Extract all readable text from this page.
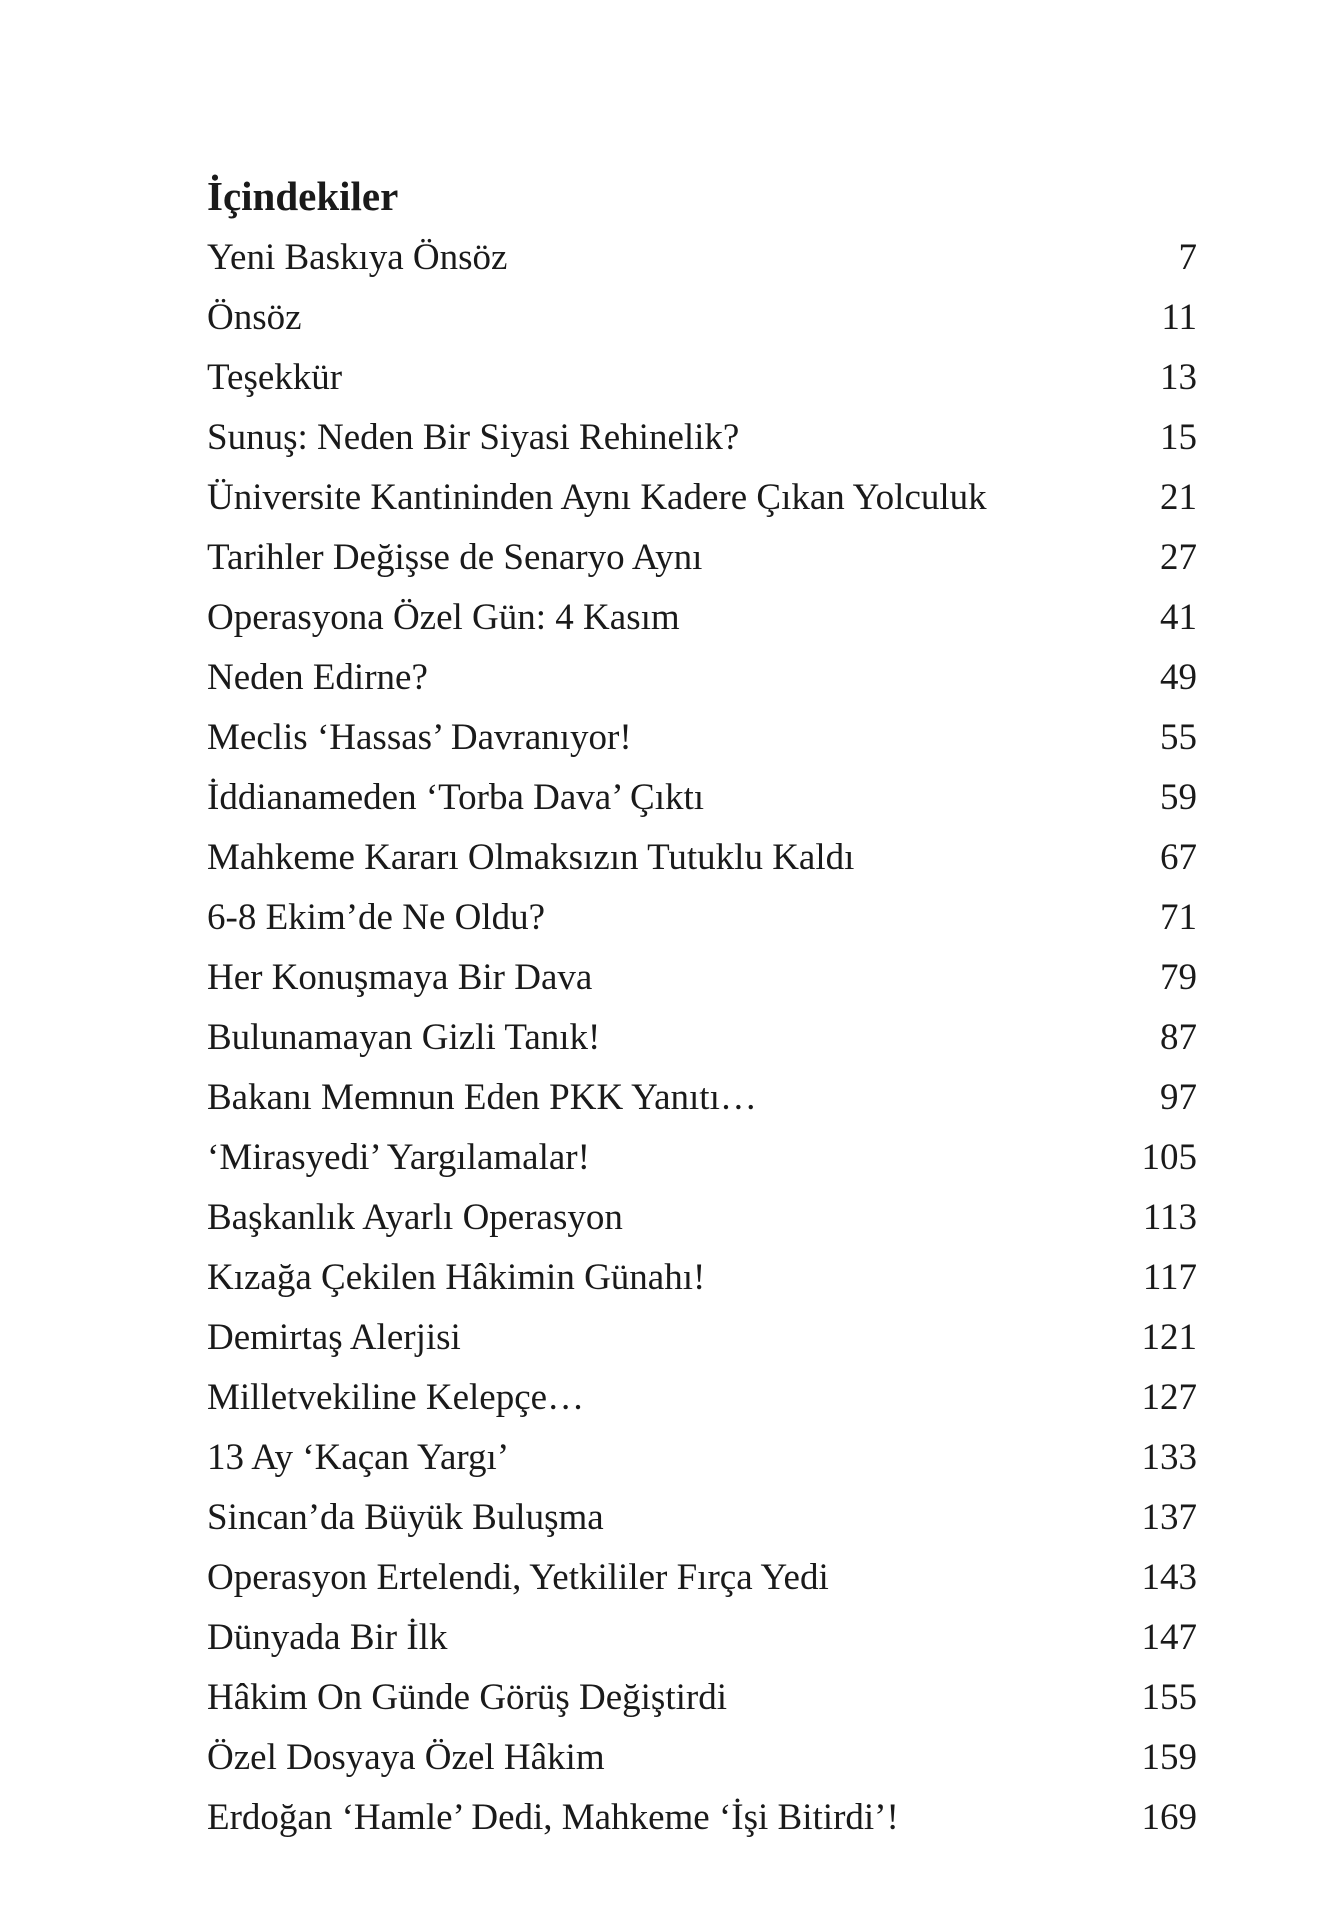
İçindekiler
Yeni Baskıya Önsöz	7
Önsöz	11
Teşekkür	13
Sunuş: Neden Bir Siyasi Rehinelik?	15
Üniversite Kantininden Aynı Kadere Çıkan Yolculuk	21
Tarihler Değişse de Senaryo Aynı	27
Operasyona Özel Gün: 4 Kasım	41
Neden Edirne?	49
Meclis ‘Hassas’ Davranıyor!	55
İddianameden ‘Torba Dava’ Çıktı	59
Mahkeme Kararı Olmaksızın Tutuklu Kaldı	67
6-8 Ekim’de Ne Oldu?	71
Her Konuşmaya Bir Dava	79
Bulunamayan Gizli Tanık!	87
Bakanı Memnun Eden PKK Yanıtı…	97
‘Mirasyedi’ Yargılamalar!	105
Başkanlık Ayarlı Operasyon	113
Kızağa Çekilen Hâkimin Günahı!	117
Demirtaş Alerjisi	121
Milletvekiline Kelepçe…	127
13 Ay ‘Kaçan Yargı’	133
Sincan’da Büyük Buluşma	137
Operasyon Ertelendi, Yetkililer Fırça Yedi	143
Dünyada Bir İlk	147
Hâkim On Günde Görüş Değiştirdi	155
Özel Dosyaya Özel Hâkim	159
Erdoğan ‘Hamle’ Dedi, Mahkeme ‘İşi Bitirdi’!	169
